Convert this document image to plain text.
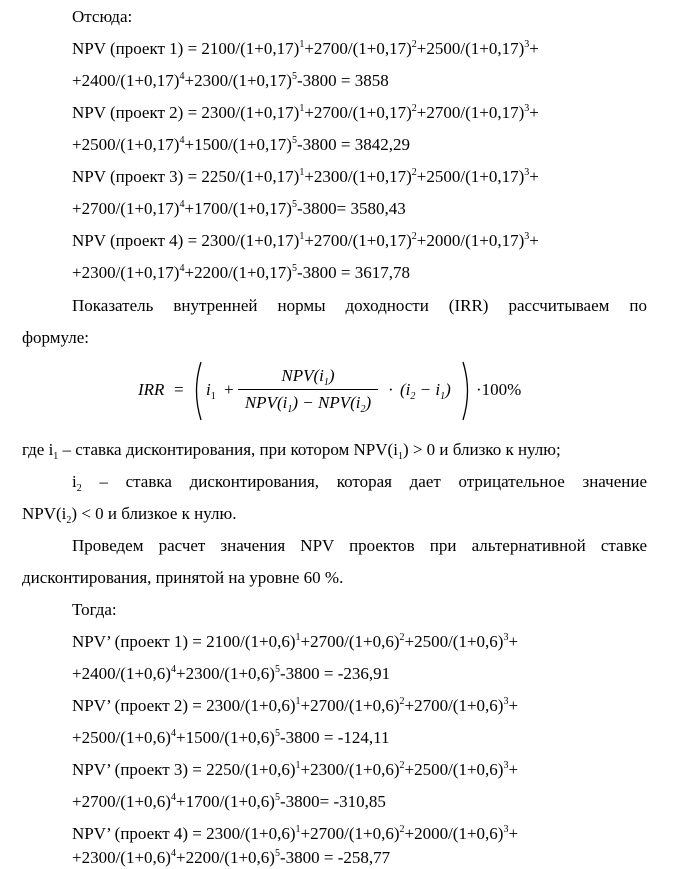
Отсюда:
NPV (проект $1) = 2100/(1+0,17)^1+2700/(1+0,17)^2+2500/(1+0,17)^3+$
$+2400/(1+0,17)^4+2300/(1+0,17)^5-3800 = 3858$
NPV (проект $2) = 2300/(1+0,17)^1+2700/(1+0,17)^2+2700/(1+0,17)^3+$
$+2500/(1+0,17)^4+1500/(1+0,17)^5-3800 = 3842,29$
NPV (проект $3) = 2250/(1+0,17)^1+2300/(1+0,17)^2+2500/(1+0,17)^3+$
$+2700/(1+0,17)^4+1700/(1+0,17)^5-3800= 3580,43$
NPV (проект $4) = 2300/(1+0,17)^1+2700/(1+0,17)^2+2000/(1+0,17)^3+$
$+2300/(1+0,17)^4+2200/(1+0,17)^5-3800 = 3617,78$
Показатель внутренней нормы доходности (IRR) рассчитываем по
формуле:
IRR = $i_1$ +
$NPV(i_1)$
$NPV(i_1) - NPV(i_2)$
· $(i_2 - i_1) \cdot 100\%$
где $i_1$ – ставка дисконтирования, при котором $NPV(i_1) > 0$ и близко к нулю;
$i_2$ – ставка дисконтирования, которая дает отрицательное значение
$NPV(i_2) < 0$ и близкое к нулю.
Проведем расчет значения NPV проектов при альтернативной ставке
дисконтирования, принятой на уровне 60 %.
Тогда:
NPV’ (проект $1) = 2100/(1+0,6)^1+2700/(1+0,6)^2+2500/(1+0,6)^3+$
$+2400/(1+0,6)^4+2300/(1+0,6)^5-3800 = -236,91$
NPV’ (проект $2) = 2300/(1+0,6)^1+2700/(1+0,6)^2+2700/(1+0,6)^3+$
$+2500/(1+0,6)^4+1500/(1+0,6)^5-3800 = -124,11$
NPV’ (проект $3) = 2250/(1+0,6)^1+2300/(1+0,6)^2+2500/(1+0,6)^3+$
$+2700/(1+0,6)^4+1700/(1+0,6)^5-3800= -310,85$
NPV’ (проект $4) = 2300/(1+0,6)^1+2700/(1+0,6)^2+2000/(1+0,6)^3+$
$+2300/(1+0,6)^4+2200/(1+0,6)^5-3800 = -258,77$
